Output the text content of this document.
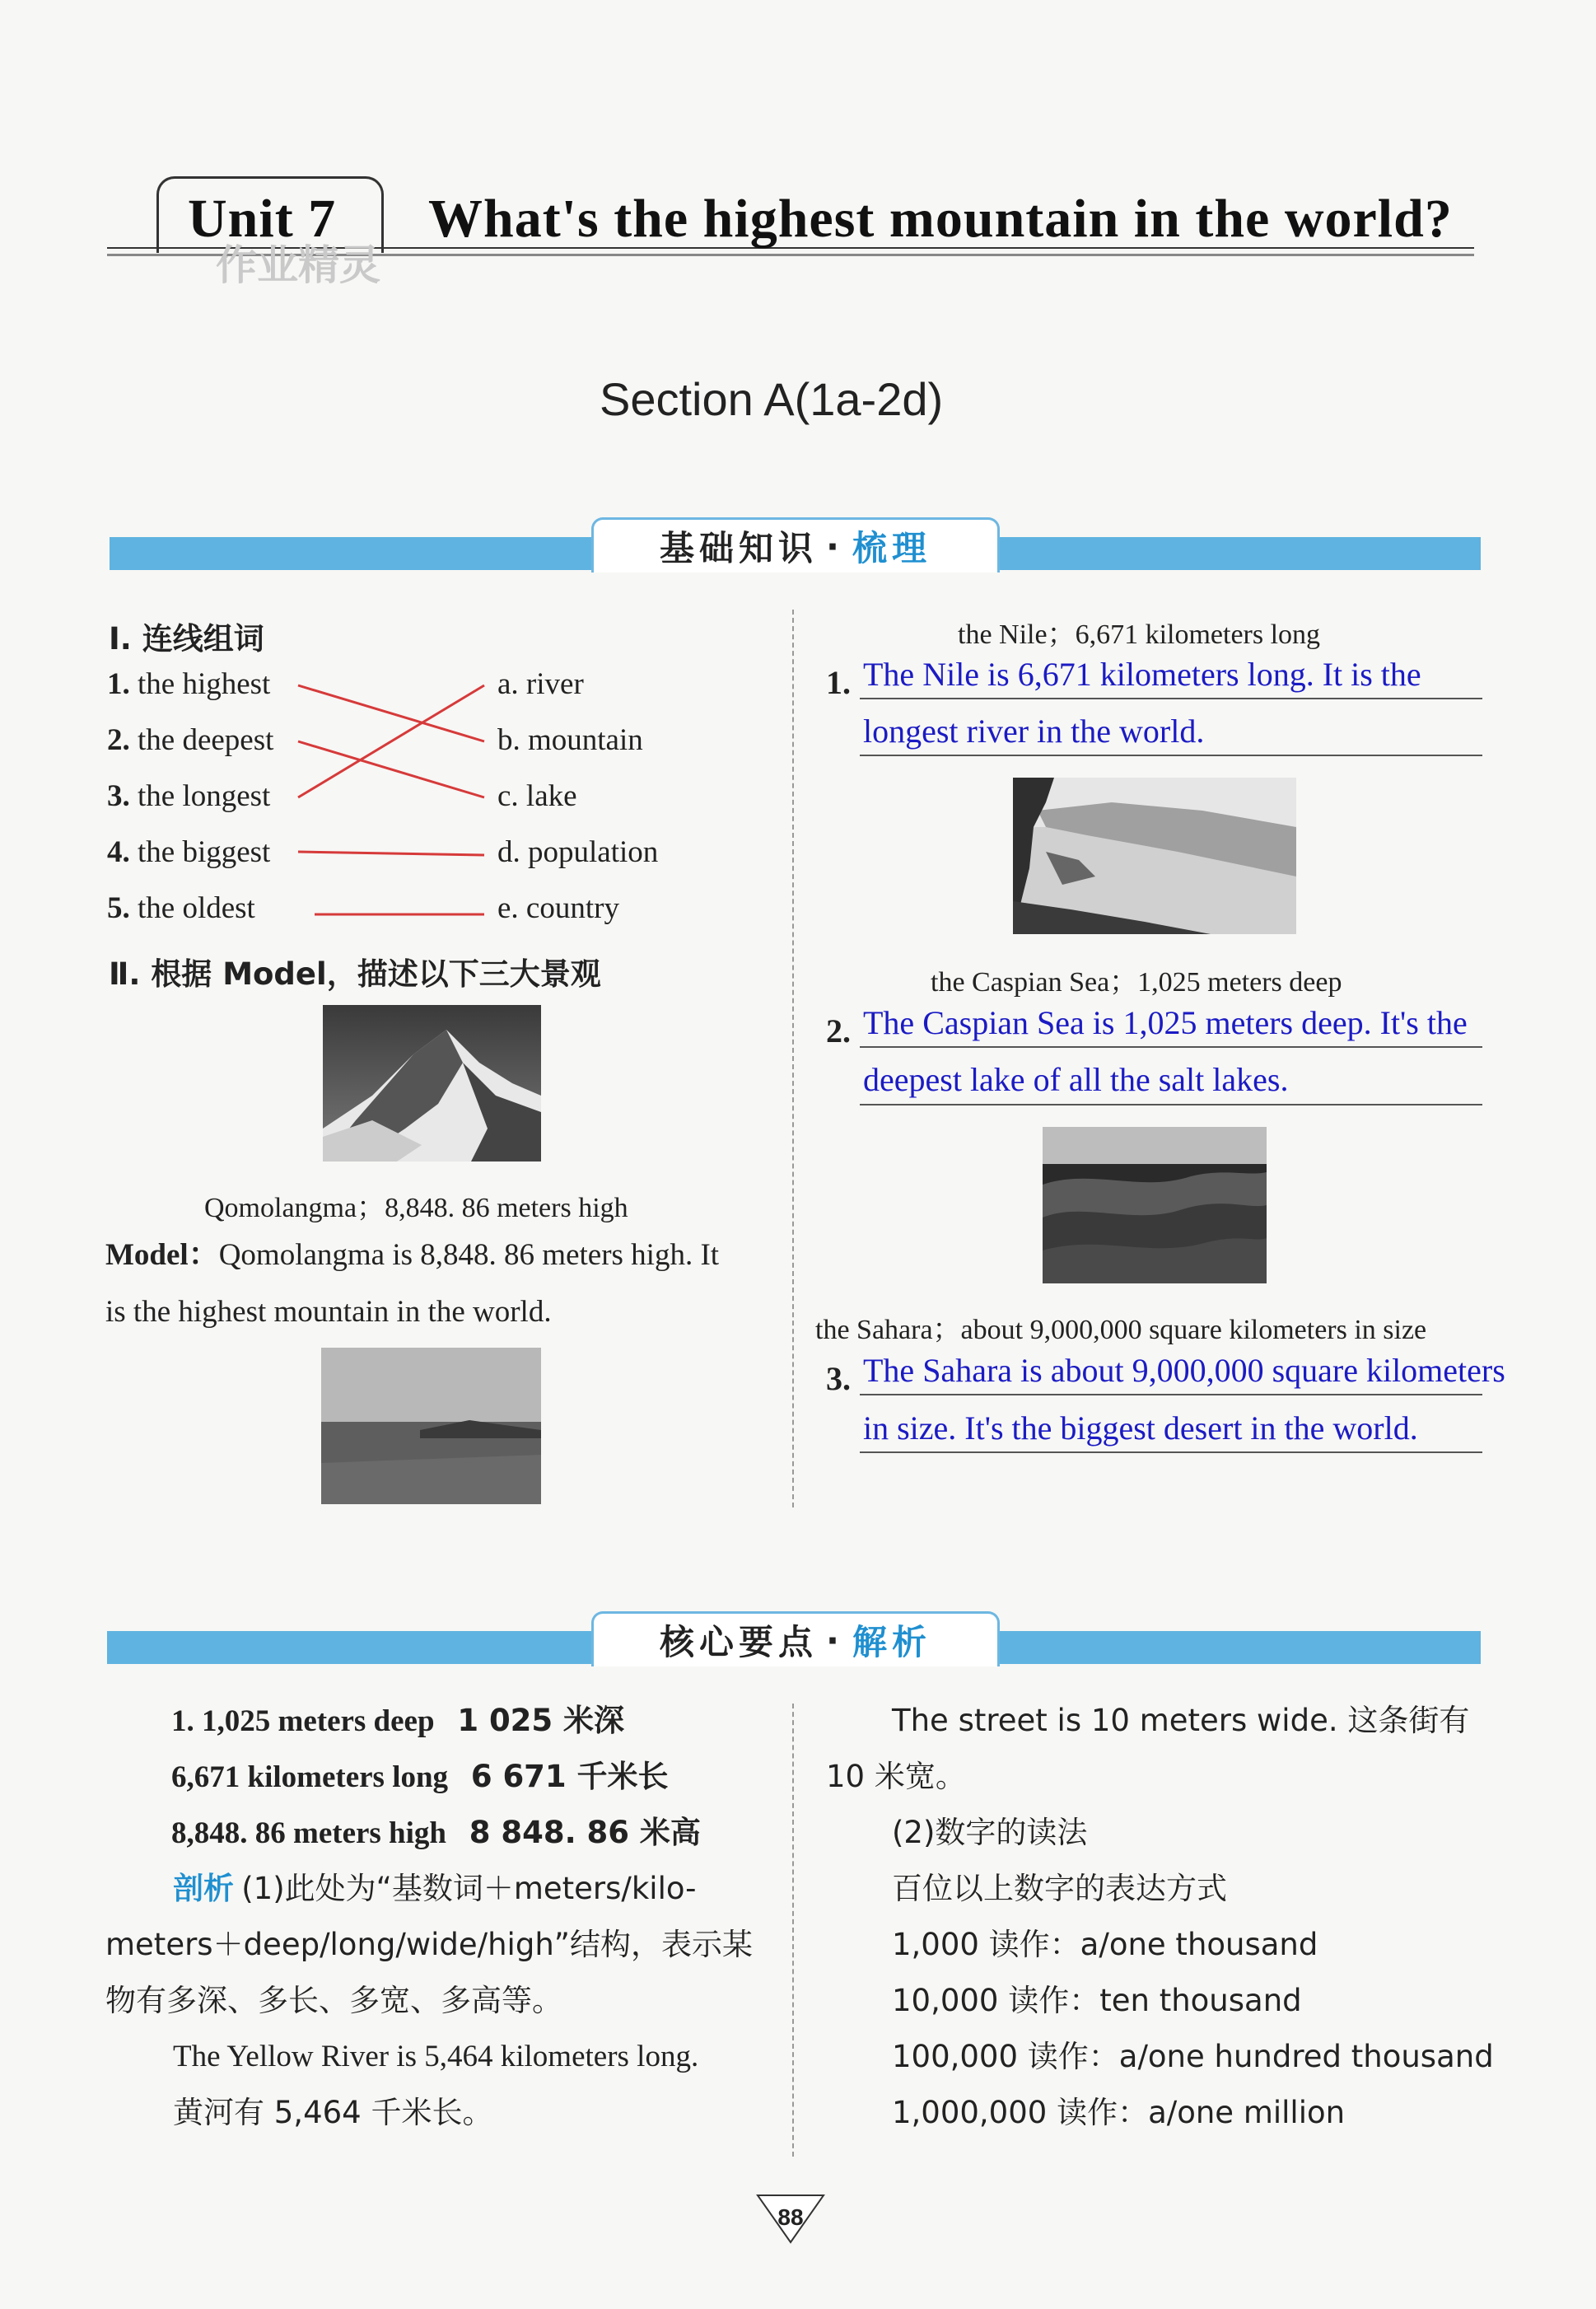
Unit 7 What's the highest mountain in the world?
作业精灵
Section A(1a-2d)
基础知识 · 梳理
Ⅰ. 连线组词
1. the highest
2. the deepest
3. the longest
4. the biggest
5. the oldest
a. river
b. mountain
c. lake
d. population
e. country
Ⅱ. 根据 Model，描述以下三大景观
Qomolangma；8,848. 86 meters high
Model：Qomolangma is 8,848. 86 meters high. It
is the highest mountain in the world.
the Nile；6,671 kilometers long
1. The Nile is 6,671 kilometers long. It is the
longest river in the world.
the Caspian Sea；1,025 meters deep
2. The Caspian Sea is 1,025 meters deep. It's the
deepest lake of all the salt lakes.
the Sahara；about 9,000,000 square kilometers in size
3. The Sahara is about 9,000,000 square kilometers
in size. It's the biggest desert in the world.
核心要点 · 解析
1. 1,025 meters deep 1 025 米深
6,671 kilometers long 6 671 千米长
8,848. 86 meters high 8 848. 86 米高
剖析 (1)此处为“基数词＋meters/kilo-
meters＋deep/long/wide/high”结构，表示某
物有多深、多长、多宽、多高等。
The Yellow River is 5,464 kilometers long.
黄河有 5,464 千米长。
The street is 10 meters wide. 这条街有
10 米宽。
(2)数字的读法
百位以上数字的表达方式
1,000 读作：a/one thousand
10,000 读作：ten thousand
100,000 读作：a/one hundred thousand
1,000,000 读作：a/one million
88
